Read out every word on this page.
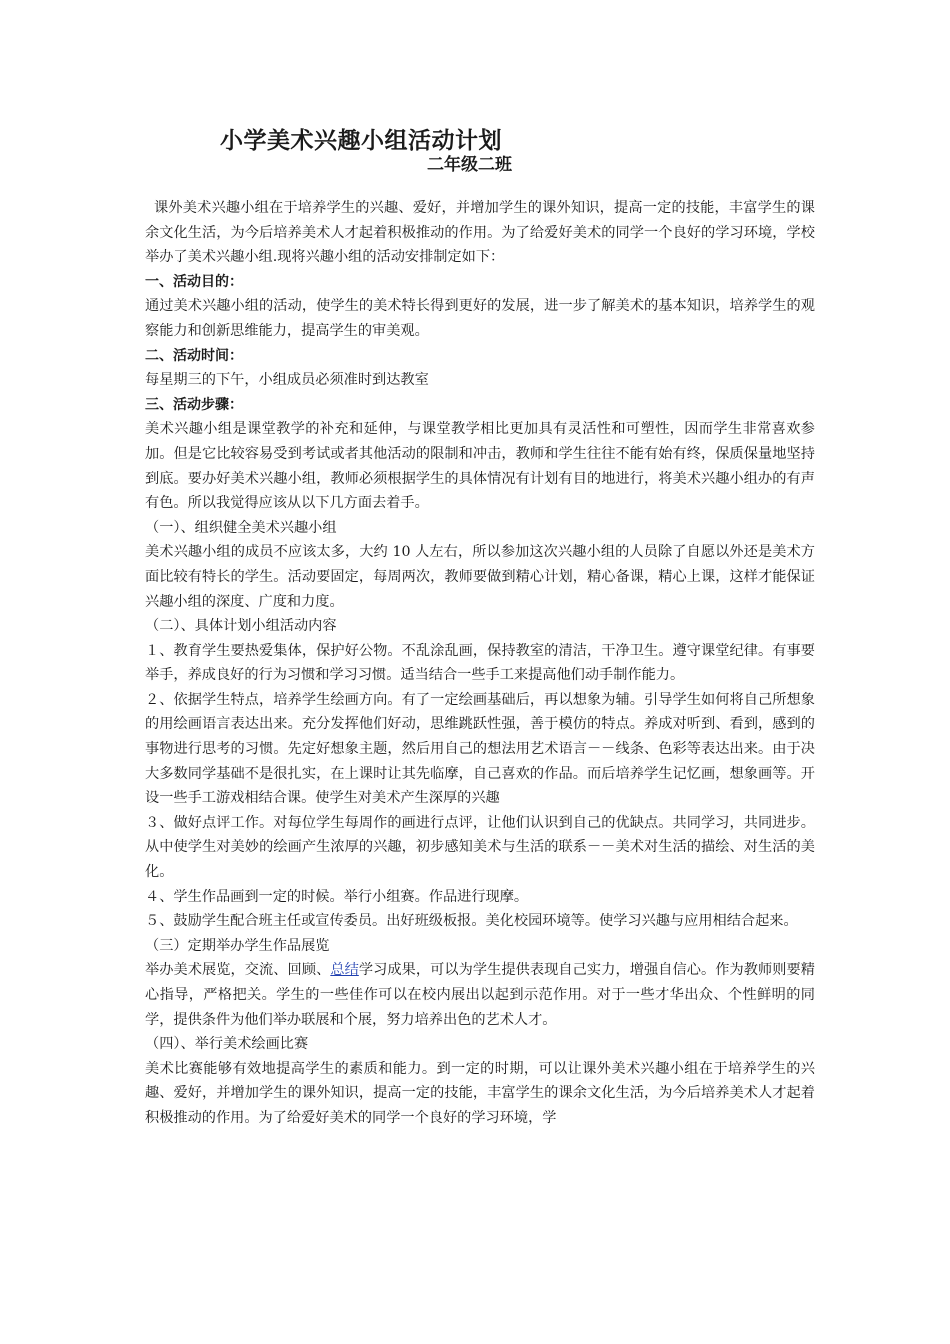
小学美术兴趣小组活动计划
二年级二班

课外美术兴趣小组在于培养学生的兴趣、爱好，并增加学生的课外知识，提高一定的技能，丰富学生的课余文化生活，为今后培养美术人才起着积极推动的作用。为了给爱好美术的同学一个良好的学习环境，学校举办了美术兴趣小组.现将兴趣小组的活动安排制定如下：

一、活动目的：

通过美术兴趣小组的活动，使学生的美术特长得到更好的发展，进一步了解美术的基本知识，培养学生的观察能力和创新思维能力，提高学生的审美观。

二、活动时间：

每星期三的下午，小组成员必须准时到达教室

三、活动步骤：

美术兴趣小组是课堂教学的补充和延伸，与课堂教学相比更加具有灵活性和可塑性，因而学生非常喜欢参加。但是它比较容易受到考试或者其他活动的限制和冲击，教师和学生往往不能有始有终，保质保量地坚持到底。要办好美术兴趣小组，教师必须根据学生的具体情况有计划有目的地进行，将美术兴趣小组办的有声有色。所以我觉得应该从以下几方面去着手。

（一）、组织健全美术兴趣小组

美术兴趣小组的成员不应该太多，大约 10 人左右，所以参加这次兴趣小组的人员除了自愿以外还是美术方面比较有特长的学生。活动要固定，每周两次，教师要做到精心计划，精心备课，精心上课，这样才能保证兴趣小组的深度、广度和力度。

（二）、具体计划小组活动内容

１、教育学生要热爱集体，保护好公物。不乱涂乱画，保持教室的清洁，干净卫生。遵守课堂纪律。有事要举手，养成良好的行为习惯和学习习惯。适当结合一些手工来提高他们动手制作能力。

２、依据学生特点，培养学生绘画方向。有了一定绘画基础后，再以想象为辅。引导学生如何将自己所想象的用绘画语言表达出来。充分发挥他们好动，思维跳跃性强，善于模仿的特点。养成对听到、看到，感到的事物进行思考的习惯。先定好想象主题，然后用自己的想法用艺术语言－－线条、色彩等表达出来。由于决大多数同学基础不是很扎实，在上课时让其先临摩，自己喜欢的作品。而后培养学生记忆画，想象画等。开设一些手工游戏相结合课。使学生对美术产生深厚的兴趣

３、做好点评工作。对每位学生每周作的画进行点评，让他们认识到自己的优缺点。共同学习，共同进步。从中使学生对美妙的绘画产生浓厚的兴趣，初步感知美术与生活的联系－－美术对生活的描绘、对生活的美化。

４、学生作品画到一定的时候。举行小组赛。作品进行现摩。

５、鼓励学生配合班主任或宣传委员。出好班级板报。美化校园环境等。使学习兴趣与应用相结合起来。

（三）定期举办学生作品展览

举办美术展览，交流、回顾、总结学习成果，可以为学生提供表现自己实力，增强自信心。作为教师则要精心指导，严格把关。学生的一些佳作可以在校内展出以起到示范作用。对于一些才华出众、个性鲜明的同学，提供条件为他们举办联展和个展，努力培养出色的艺术人才。

（四）、举行美术绘画比赛

美术比赛能够有效地提高学生的素质和能力。到一定的时期，可以让课外美术兴趣小组在于培养学生的兴趣、爱好，并增加学生的课外知识，提高一定的技能，丰富学生的课余文化生活，为今后培养美术人才起着积极推动的作用。为了给爱好美术的同学一个良好的学习环境，学
